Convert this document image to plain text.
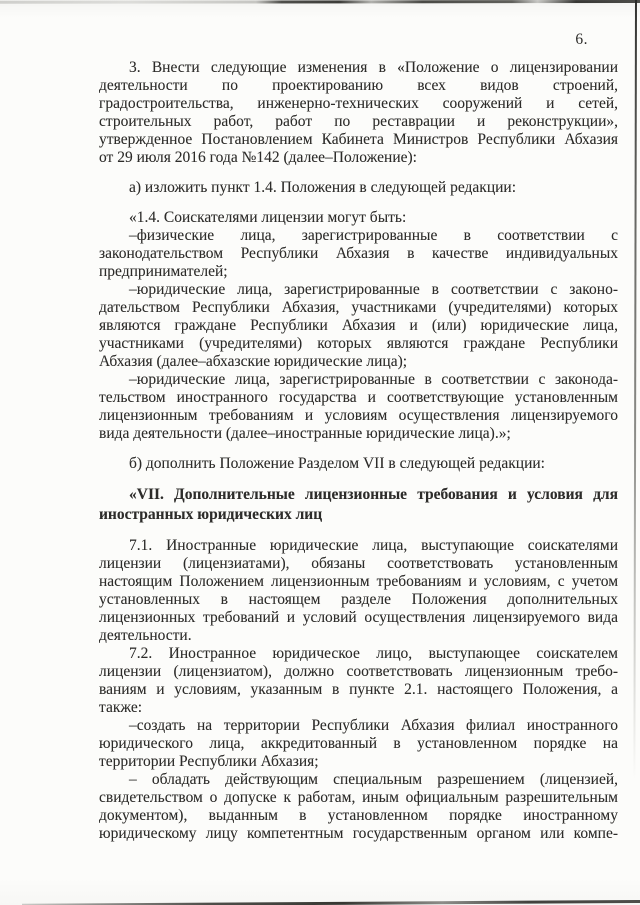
6.
3. Внести следующие изменения в «Положение о лицензировании
деятельности по проектированию всех видов строений,
градостроительства, инженерно-технических сооружений и сетей,
строительных работ, работ по реставрации и реконструкции»,
утвержденное Постановлением Кабинета Министров Республики Абхазия
от 29 июля 2016 года №142 (далее–Положение):
а) изложить пункт 1.4. Положения в следующей редакции:
«1.4. Соискателями лицензии могут быть:
–физические лица, зарегистрированные в соответствии с
законодательством Республики Абхазия в качестве индивидуальных
предпринимателей;
–юридические лица, зарегистрированные в соответствии с законо-
дательством Республики Абхазия, участниками (учредителями) которых
являются граждане Республики Абхазия и (или) юридические лица,
участниками (учредителями) которых являются граждане Республики
Абхазия (далее–абхазские юридические лица);
–юридические лица, зарегистрированные в соответствии с законода-
тельством иностранного государства и соответствующие установленным
лицензионным требованиям и условиям осуществления лицензируемого
вида деятельности (далее–иностранные юридические лица).»;
б) дополнить Положение Разделом VII в следующей редакции:
«VII. Дополнительные лицензионные требования и условия для
иностранных юридических лиц
7.1. Иностранные юридические лица, выступающие соискателями
лицензии (лицензиатами), обязаны соответствовать установленным
настоящим Положением лицензионным требованиям и условиям, с учетом
установленных в настоящем разделе Положения дополнительных
лицензионных требований и условий осуществления лицензируемого вида
деятельности.
7.2. Иностранное юридическое лицо, выступающее соискателем
лицензии (лицензиатом), должно соответствовать лицензионным требо-
ваниям и условиям, указанным в пункте 2.1. настоящего Положения, а
также:
–создать на территории Республики Абхазия филиал иностранного
юридического лица, аккредитованный в установленном порядке на
территории Республики Абхазия;
– обладать действующим специальным разрешением (лицензией,
свидетельством о допуске к работам, иным официальным разрешительным
документом), выданным в установленном порядке иностранному
юридическому лицу компетентным государственным органом или компе-
